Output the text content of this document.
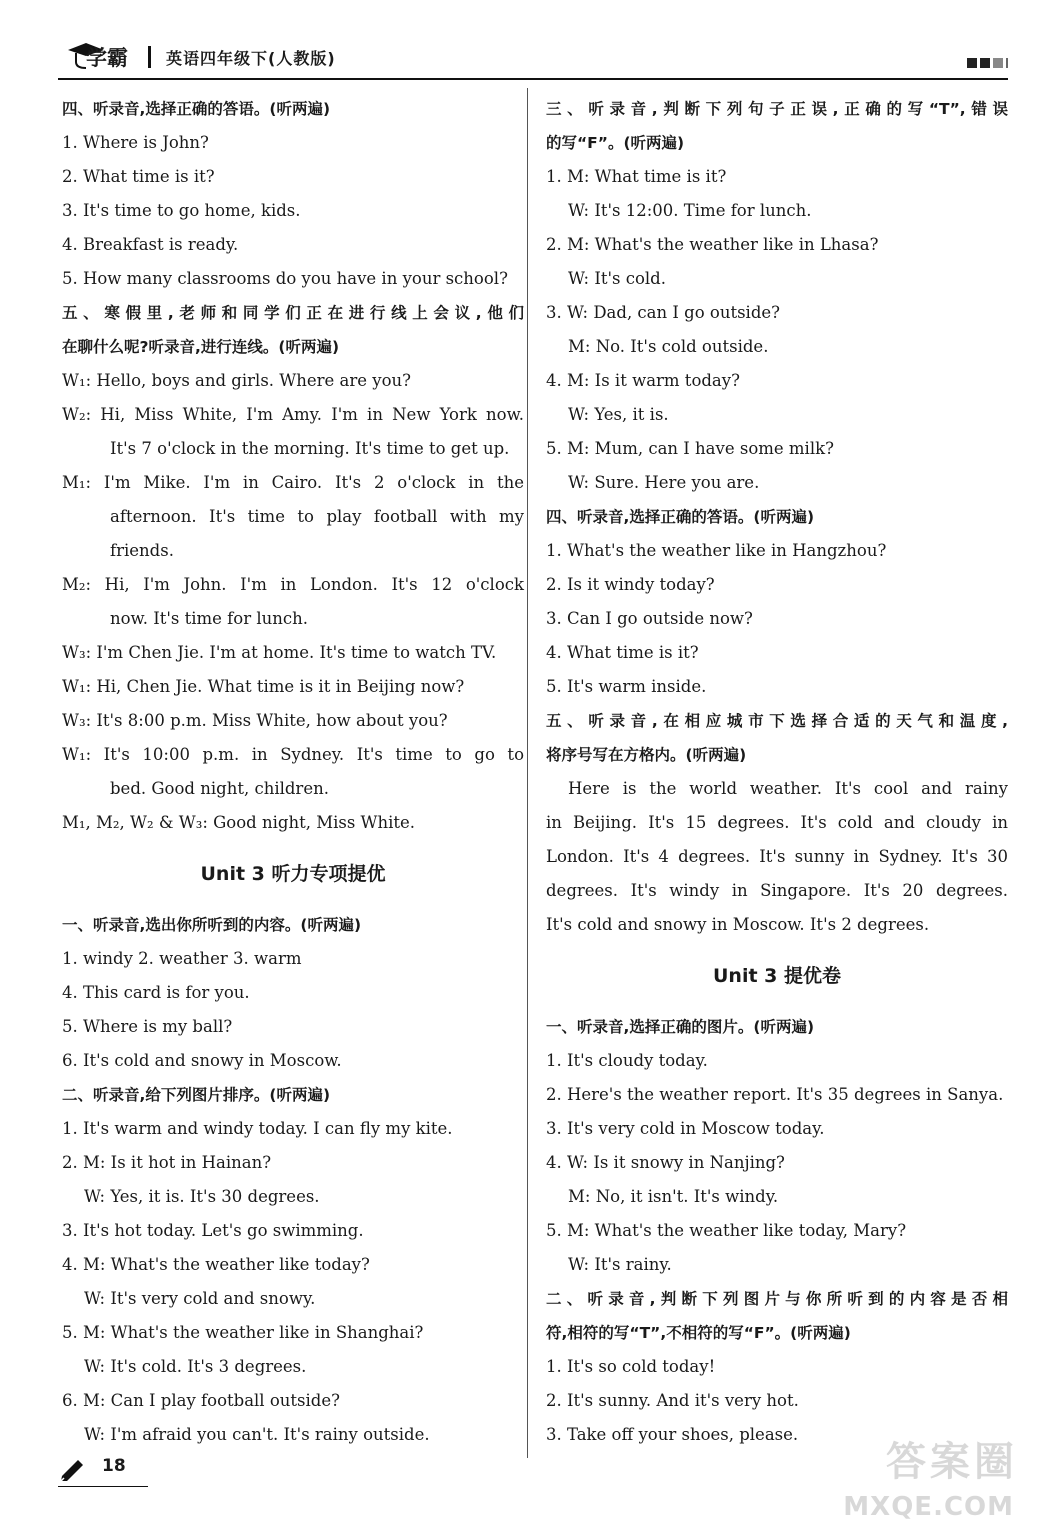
学霸 英语四年级下(人教版)
四、听录音,选择正确的答语。(听两遍)
1. Where is John?
2. What time is it?
3. It's time to go home, kids.
4. Breakfast is ready.
5. How many classrooms do you have in your school?
五、寒假里,老师和同学们正在进行线上会议,他们
在聊什么呢?听录音,进行连线。(听两遍)
W₁: Hello, boys and girls. Where are you?
W₂: Hi, Miss White, I'm Amy. I'm in New York now.
It's 7 o'clock in the morning. It's time to get up.
M₁: I'm Mike. I'm in Cairo. It's 2 o'clock in the
afternoon. It's time to play football with my
friends.
M₂: Hi, I'm John. I'm in London. It's 12 o'clock
now. It's time for lunch.
W₃: I'm Chen Jie. I'm at home. It's time to watch TV.
W₁: Hi, Chen Jie. What time is it in Beijing now?
W₃: It's 8:00 p.m. Miss White, how about you?
W₁: It's 10:00 p.m. in Sydney. It's time to go to
bed. Good night, children.
M₁, M₂, W₂ & W₃: Good night, Miss White.
Unit 3 听力专项提优
一、听录音,选出你所听到的内容。(听两遍)
1. windy 2. weather 3. warm
4. This card is for you.
5. Where is my ball?
6. It's cold and snowy in Moscow.
二、听录音,给下列图片排序。(听两遍)
1. It's warm and windy today. I can fly my kite.
2. M: Is it hot in Hainan?
W: Yes, it is. It's 30 degrees.
3. It's hot today. Let's go swimming.
4. M: What's the weather like today?
W: It's very cold and snowy.
5. M: What's the weather like in Shanghai?
W: It's cold. It's 3 degrees.
6. M: Can I play football outside?
W: I'm afraid you can't. It's rainy outside.
三、听录音,判断下列句子正误,正确的写“T”,错误
的写“F”。(听两遍)
1. M: What time is it?
W: It's 12:00. Time for lunch.
2. M: What's the weather like in Lhasa?
W: It's cold.
3. W: Dad, can I go outside?
M: No. It's cold outside.
4. M: Is it warm today?
W: Yes, it is.
5. M: Mum, can I have some milk?
W: Sure. Here you are.
四、听录音,选择正确的答语。(听两遍)
1. What's the weather like in Hangzhou?
2. Is it windy today?
3. Can I go outside now?
4. What time is it?
5. It's warm inside.
五、听录音,在相应城市下选择合适的天气和温度,
将序号写在方格内。(听两遍)
Here is the world weather. It's cool and rainy
in Beijing. It's 15 degrees. It's cold and cloudy in
London. It's 4 degrees. It's sunny in Sydney. It's 30
degrees. It's windy in Singapore. It's 20 degrees.
It's cold and snowy in Moscow. It's 2 degrees.
Unit 3 提优卷
一、听录音,选择正确的图片。(听两遍)
1. It's cloudy today.
2. Here's the weather report. It's 35 degrees in Sanya.
3. It's very cold in Moscow today.
4. W: Is it snowy in Nanjing?
M: No, it isn't. It's windy.
5. M: What's the weather like today, Mary?
W: It's rainy.
二、听录音,判断下列图片与你所听到的内容是否相
符,相符的写“T”,不相符的写“F”。(听两遍)
1. It's so cold today!
2. It's sunny. And it's very hot.
3. Take off your shoes, please.
18	答案圈
MXQE.COM
